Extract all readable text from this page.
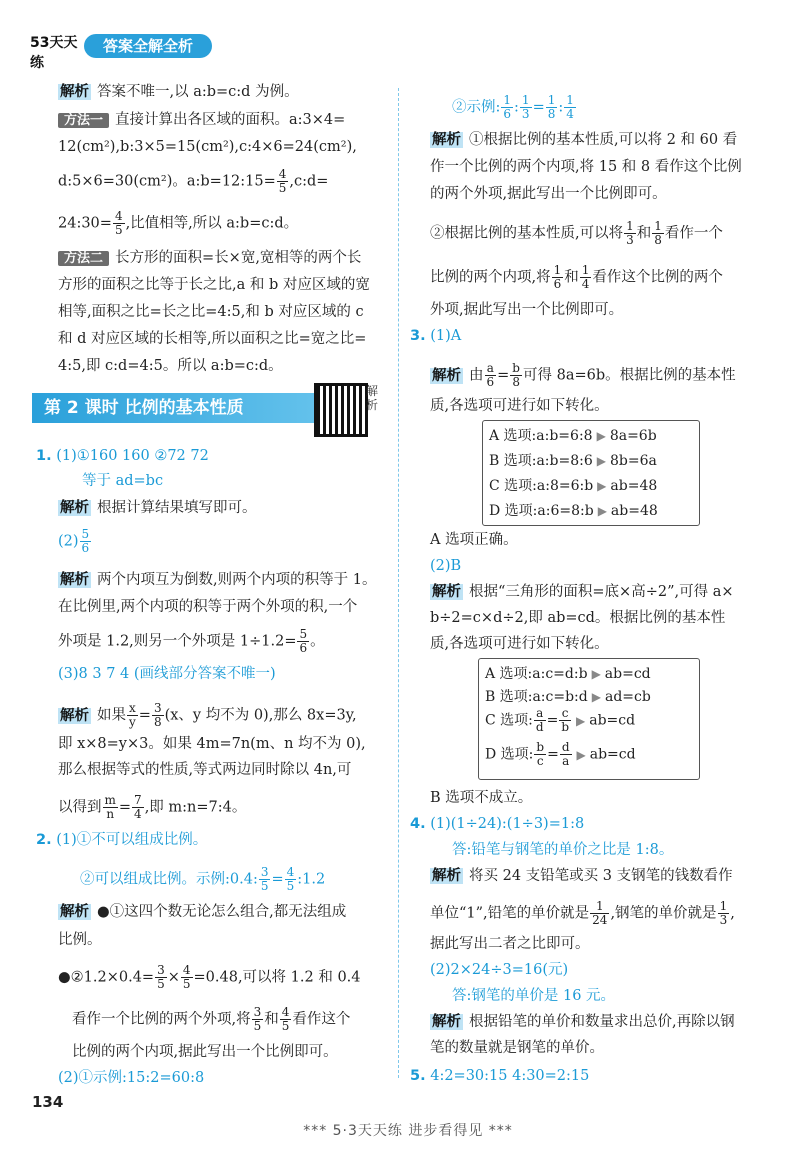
53天天练
答案全解全析
解析 答案不唯一,以 a:b=c:d 为例。
方法一 直接计算出各区域的面积。a:3×4=
12(cm²),b:3×5=15(cm²),c:4×6=24(cm²),
d:5×6=30(cm²)。a:b=12:15= $\frac{4}{5}$ ,c:d=
24:30= $\frac{4}{5}$ ,比值相等,所以 a:b=c:d。
方法二 长方形的面积=长×宽,宽相等的两个长
方形的面积之比等于长之比,a 和 b 对应区域的宽
相等,面积之比=长之比=4:5,和 b 对应区域的 c
和 d 对应区域的长相等,所以面积之比=宽之比=
4:5,即 c:d=4:5。所以 a:b=c:d。
第 2 课时 比例的基本性质
解析
1. (1)①160 160 ②72 72
等于 ad=bc
解析 根据计算结果填写即可。
$(2) \frac{5}{6}$
解析 两个内项互为倒数,则两个内项的积等于 1。
在比例里,两个内项的积等于两个外项的积,一个
外项是 1.2,则另一个外项是 $1\div 1.2= \frac{5}{6}$ 。
(3)8 3 7 4 (画线部分答案不唯一)
解析 如果 $\frac{x}{y} = \frac{3}{8} (x$、y 均不为 0),那么 8x=3y,
即 x×8=y×3。如果 4m=7n(m、n 均不为 0),
那么根据等式的性质,等式两边同时除以 4n,可
以得到 $\frac{m}{n} = \frac{7}{4}$ ,即 m:n=7:4。
2. (1)①不可以组成比例。
②可以组成比例。示例:0.4: $\frac{3}{5} = \frac{4}{5}$ :1.2
解析 ●①这四个数无论怎么组合,都无法组成
比例。
●②1.2×0.4= $\frac{3}{5} \times \frac{4}{5} =0.48$,可以将 1.2 和 0.4
看作一个比例的两个外项,将 $\frac{3}{5}$ 和 $\frac{4}{5}$ 看作这个
比例的两个内项,据此写出一个比例即可。
(2)①示例:15:2=60:8
②示例: $\frac{1}{6}$ : $\frac{1}{3} = \frac{1}{8}$ : $\frac{1}{4}$
解析 ①根据比例的基本性质,可以将 2 和 60 看
作一个比例的两个内项,将 15 和 8 看作这个比例
的两个外项,据此写出一个比例即可。
②根据比例的基本性质,可以将 $\frac{1}{3}$ 和 $\frac{1}{8}$ 看作一个
比例的两个内项,将 $\frac{1}{6}$ 和 $\frac{1}{4}$ 看作这个比例的两个
外项,据此写出一个比例即可。
3. (1)A
解析 由 $\frac{a}{6} = \frac{b}{8}$ 可得 8a=6b。根据比例的基本性
质,各选项可进行如下转化。
A 选项:a:b=6:8 ▶ 8a=6b
B 选项:a:b=8:6 ▶ 8b=6a
C 选项:a:8=6:b ▶ ab=48
D 选项:a:6=8:b ▶ ab=48
A 选项正确。
(2)B
解析 根据“三角形的面积=底×高÷2”,可得 a×
b÷2=c×d÷2,即 ab=cd。根据比例的基本性
质,各选项可进行如下转化。
A 选项:a:c=d:b ▶ ab=cd
B 选项:a:c=b:d ▶ ad=cb
C 选项: $\frac{a}{d} = \frac{c}{b}$ ▶ ab=cd
D 选项: $\frac{b}{c} = \frac{d}{a}$ ▶ ab=cd
B 选项不成立。
4. (1)(1÷24):(1÷3)=1:8
答:铅笔与钢笔的单价之比是 1:8。
解析 将买 24 支铅笔或买 3 支钢笔的钱数看作
单位“1”,铅笔的单价就是 $\frac{1}{24}$ ,钢笔的单价就是 $\frac{1}{3}$ ,
据此写出二者之比即可。
(2)2×24÷3=16(元)
答:钢笔的单价是 16 元。
解析 根据铅笔的单价和数量求出总价,再除以钢
笔的数量就是钢笔的单价。
5. 4:2=30:15 4:30=2:15
134
*** 5·3天天练 进步看得见 ***
